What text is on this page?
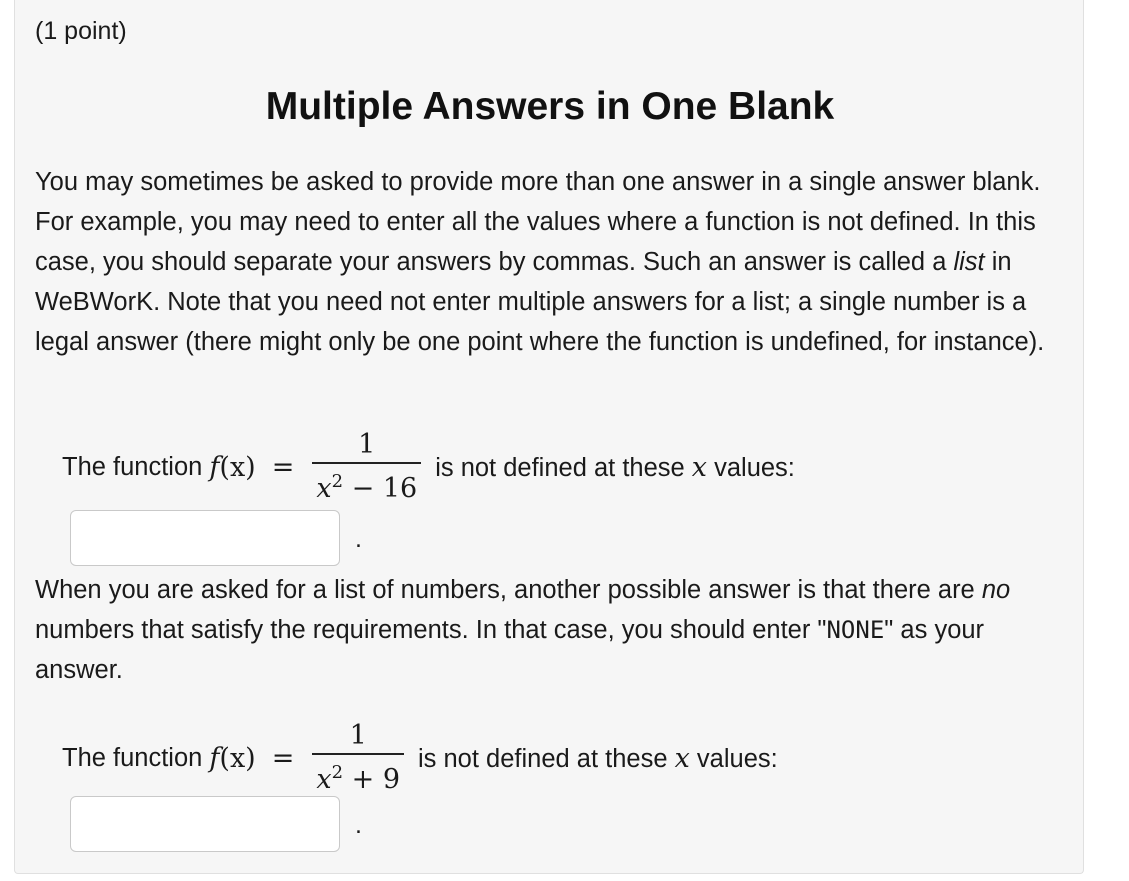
(1 point)
Multiple Answers in One Blank
You may sometimes be asked to provide more than one answer in a single answer blank. For example, you may need to enter all the values where a function is not defined. In this case, you should separate your answers by commas. Such an answer is called a list in WeBWorK. Note that you need not enter multiple answers for a list; a single number is a legal answer (there might only be one point where the function is undefined, for instance).
The function $f(x) = \frac{1}{x^2 - 16}$ is not defined at these x values:
.
When you are asked for a list of numbers, another possible answer is that there are no numbers that satisfy the requirements. In that case, you should enter "NONE" as your answer.
The function $f(x) = \frac{1}{x^2 + 9}$ is not defined at these x values:
.
